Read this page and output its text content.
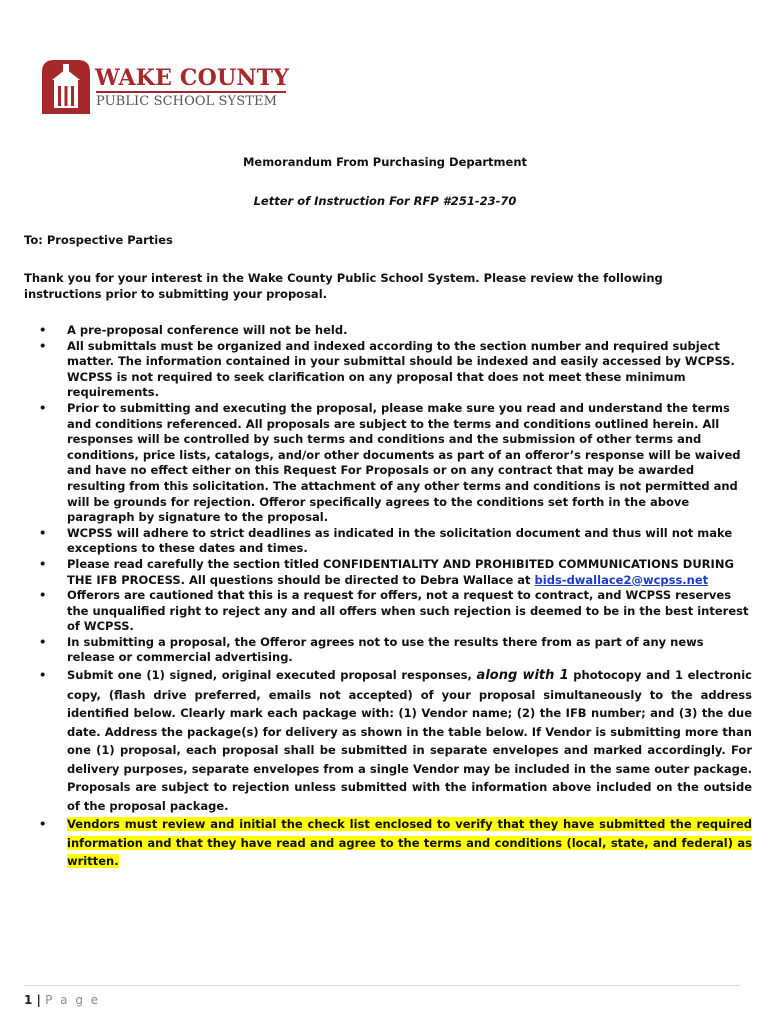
WAKE COUNTY
PUBLIC SCHOOL SYSTEM
Memorandum From Purchasing Department
Letter of Instruction For RFP #251-23-70
To: Prospective Parties
Thank you for your interest in the Wake County Public School System. Please review the following instructions prior to submitting your proposal.
• A pre-proposal conference will not be held.
• All submittals must be organized and indexed according to the section number and required subject matter. The information contained in your submittal should be indexed and easily accessed by WCPSS. WCPSS is not required to seek clarification on any proposal that does not meet these minimum requirements.
• Prior to submitting and executing the proposal, please make sure you read and understand the terms and conditions referenced. All proposals are subject to the terms and conditions outlined herein. All responses will be controlled by such terms and conditions and the submission of other terms and conditions, price lists, catalogs, and/or other documents as part of an offeror’s response will be waived and have no effect either on this Request For Proposals or on any contract that may be awarded resulting from this solicitation. The attachment of any other terms and conditions is not permitted and will be grounds for rejection. Offeror specifically agrees to the conditions set forth in the above paragraph by signature to the proposal.
• WCPSS will adhere to strict deadlines as indicated in the solicitation document and thus will not make exceptions to these dates and times.
• Please read carefully the section titled CONFIDENTIALITY AND PROHIBITED COMMUNICATIONS DURING THE IFB PROCESS. All questions should be directed to Debra Wallace at bids-dwallace2@wcpss.net
• Offerors are cautioned that this is a request for offers, not a request to contract, and WCPSS reserves the unqualified right to reject any and all offers when such rejection is deemed to be in the best interest of WCPSS.
• In submitting a proposal, the Offeror agrees not to use the results there from as part of any news release or commercial advertising.
• Submit one (1) signed, original executed proposal responses, along with 1 photocopy and 1 electronic copy, (flash drive preferred, emails not accepted) of your proposal simultaneously to the address identified below. Clearly mark each package with: (1) Vendor name; (2) the IFB number; and (3) the due date. Address the package(s) for delivery as shown in the table below. If Vendor is submitting more than one (1) proposal, each proposal shall be submitted in separate envelopes and marked accordingly. For delivery purposes, separate envelopes from a single Vendor may be included in the same outer package. Proposals are subject to rejection unless submitted with the information above included on the outside of the proposal package.
• Vendors must review and initial the check list enclosed to verify that they have submitted the required information and that they have read and agree to the terms and conditions (local, state, and federal) as written.
1 | P a g e
